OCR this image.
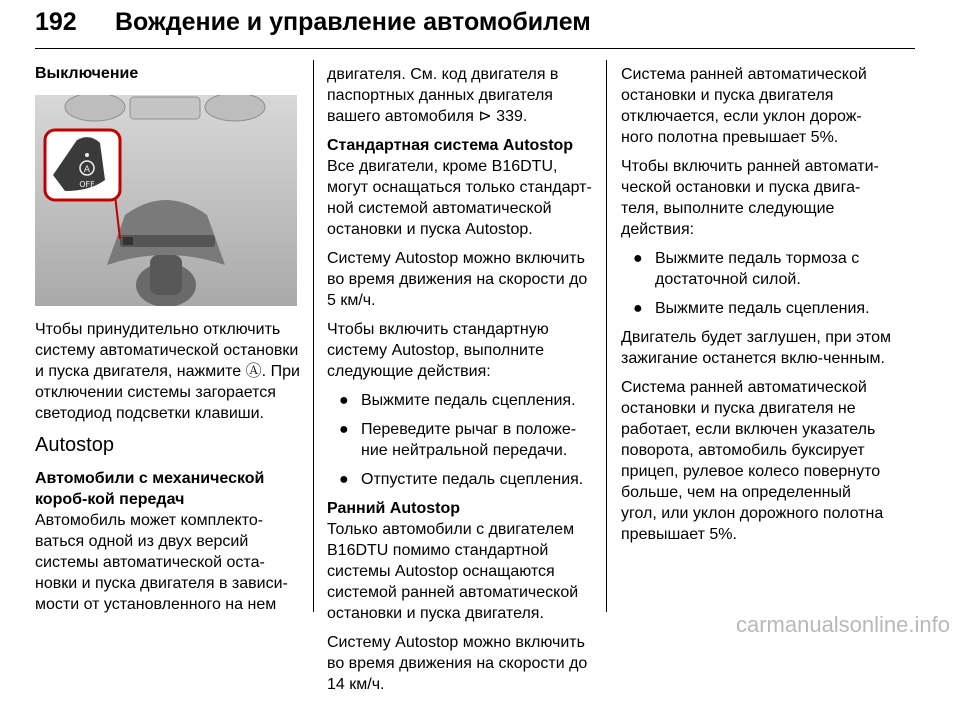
192 Вождение и управление автомобилем
Выключение
A
OFF

Чтобы принудительно отключить систему автоматической остановки и пуска двигателя, нажмите Ⓐ. При отключении системы загорается светодиод подсветки клавиши.

Autostop
Автомобили с механической короб-кой передач

Автомобиль может комплекто-ваться одной из двух версий системы автоматической оста-новки и пуска двигателя в зависи-мости от установленного на нем

двигателя. См. код двигателя в паспортных данных двигателя вашего автомобиля ⊳ 339.

Стандартная система Autostop

Все двигатели, кроме B16DTU, могут оснащаться только стандарт-ной системой автоматической остановки и пуска Autostop.

Систему Autostop можно включить во время движения на скорости до 5 км/ч.

Чтобы включить стандартную систему Autostop, выполните следующие действия:

● Выжмите педаль сцепления.
● Переведите рычаг в положе-ние нейтральной передачи.
● Отпустите педаль сцепления.
Ранний Autostop

Только автомобили с двигателем B16DTU помимо стандартной системы Autostop оснащаются системой ранней автоматической остановки и пуска двигателя.

Систему Autostop можно включить во время движения на скорости до 14 км/ч.

Система ранней автоматической остановки и пуска двигателя отключается, если уклон дорож-ного полотна превышает 5%.

Чтобы включить ранней автомати-ческой остановки и пуска двига-теля, выполните следующие действия:

● Выжмите педаль тормоза с достаточной силой.
● Выжмите педаль сцепления.

Двигатель будет заглушен, при этом зажигание останется вклю-ченным.

Система ранней автоматической остановки и пуска двигателя не работает, если включен указатель поворота, автомобиль буксирует прицеп, рулевое колесо повернуто больше, чем на определенный угол, или уклон дорожного полотна превышает 5%.

carmanualsonline.info
